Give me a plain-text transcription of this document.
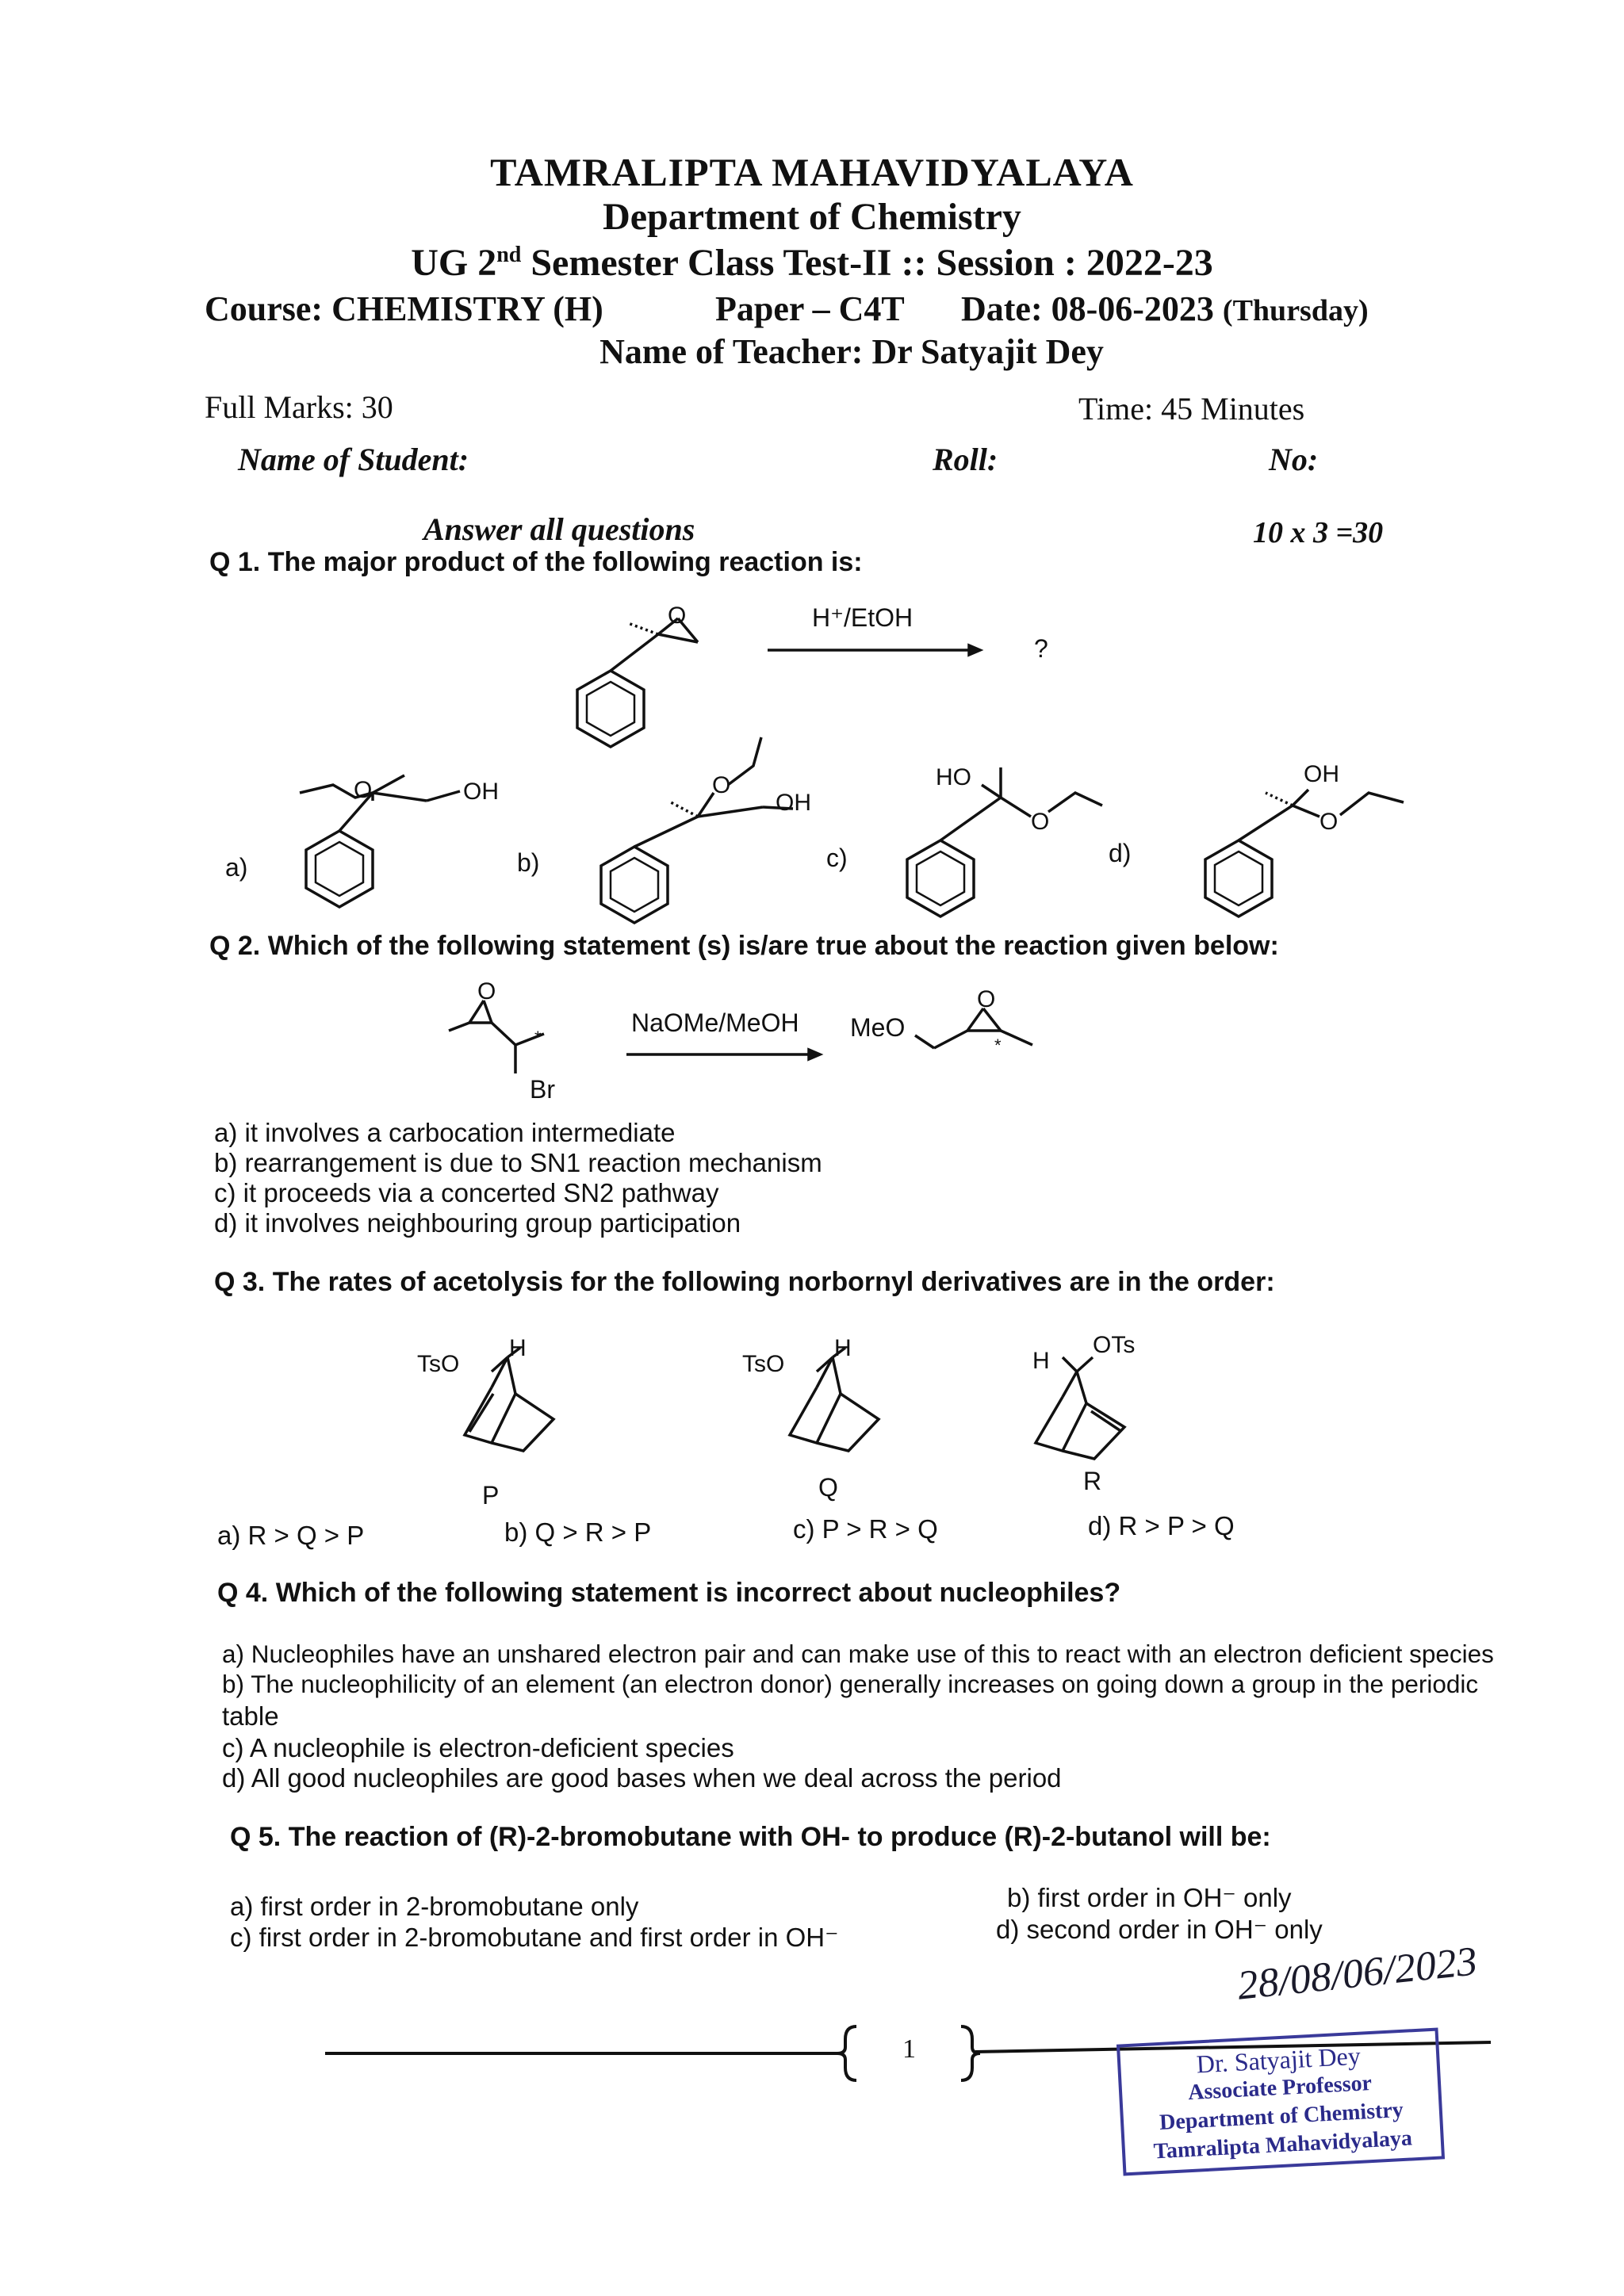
TAMRALIPTA MAHAVIDYALAYA
Department of Chemistry
UG 2nd Semester Class Test-II :: Session : 2022-23
Course: CHEMISTRY (H)	Paper – C4T Date: 08-06-2023 (Thursday)
Name of Teacher: Dr Satyajit Dey
Full Marks: 30	Time: 45 Minutes
Name of Student:	Roll:	No:
Answer all questions	10 x 3 =30
Q 1. The major product of the following reaction is:
O	H⁺/EtOH
?
O	OH	O
OH
HO
O
OH
O
a)	b)	c)	d)
Q 2. Which of the following statement (s) is/are true about the reaction given below:
O
*
O
*
NaOMe/MeOH MeO
Br
a) it involves a carbocation intermediate
b) rearrangement is due to SN1 reaction mechanism
c) it proceeds via a concerted SN2 pathway
d) it involves neighbouring group participation
Q 3. The rates of acetolysis for the following norbornyl derivatives are in the order:
TsO
H
TsO
H	H
OTs
P	Q	R
a) R > Q > P	b) Q > R > P	c) P > R > Q	d) R > P > Q
Q 4. Which of the following statement is incorrect about nucleophiles?
a) Nucleophiles have an unshared electron pair and can make use of this to react with an electron deficient species
b) The nucleophilicity of an element (an electron donor) generally increases on going down a group in the periodic
table
c) A nucleophile is electron-deficient species
d) All good nucleophiles are good bases when we deal across the period
Q 5. The reaction of (R)-2-bromobutane with OH- to produce (R)-2-butanol will be:
a) first order in 2-bromobutane only	b) first order in OH⁻ only
c) first order in 2-bromobutane and first order in OH⁻	d) second order in OH⁻ only
1
28/08/06/2023
Dr. Satyajit Dey
Associate Professor
Department of Chemistry
Tamralipta Mahavidyalaya
